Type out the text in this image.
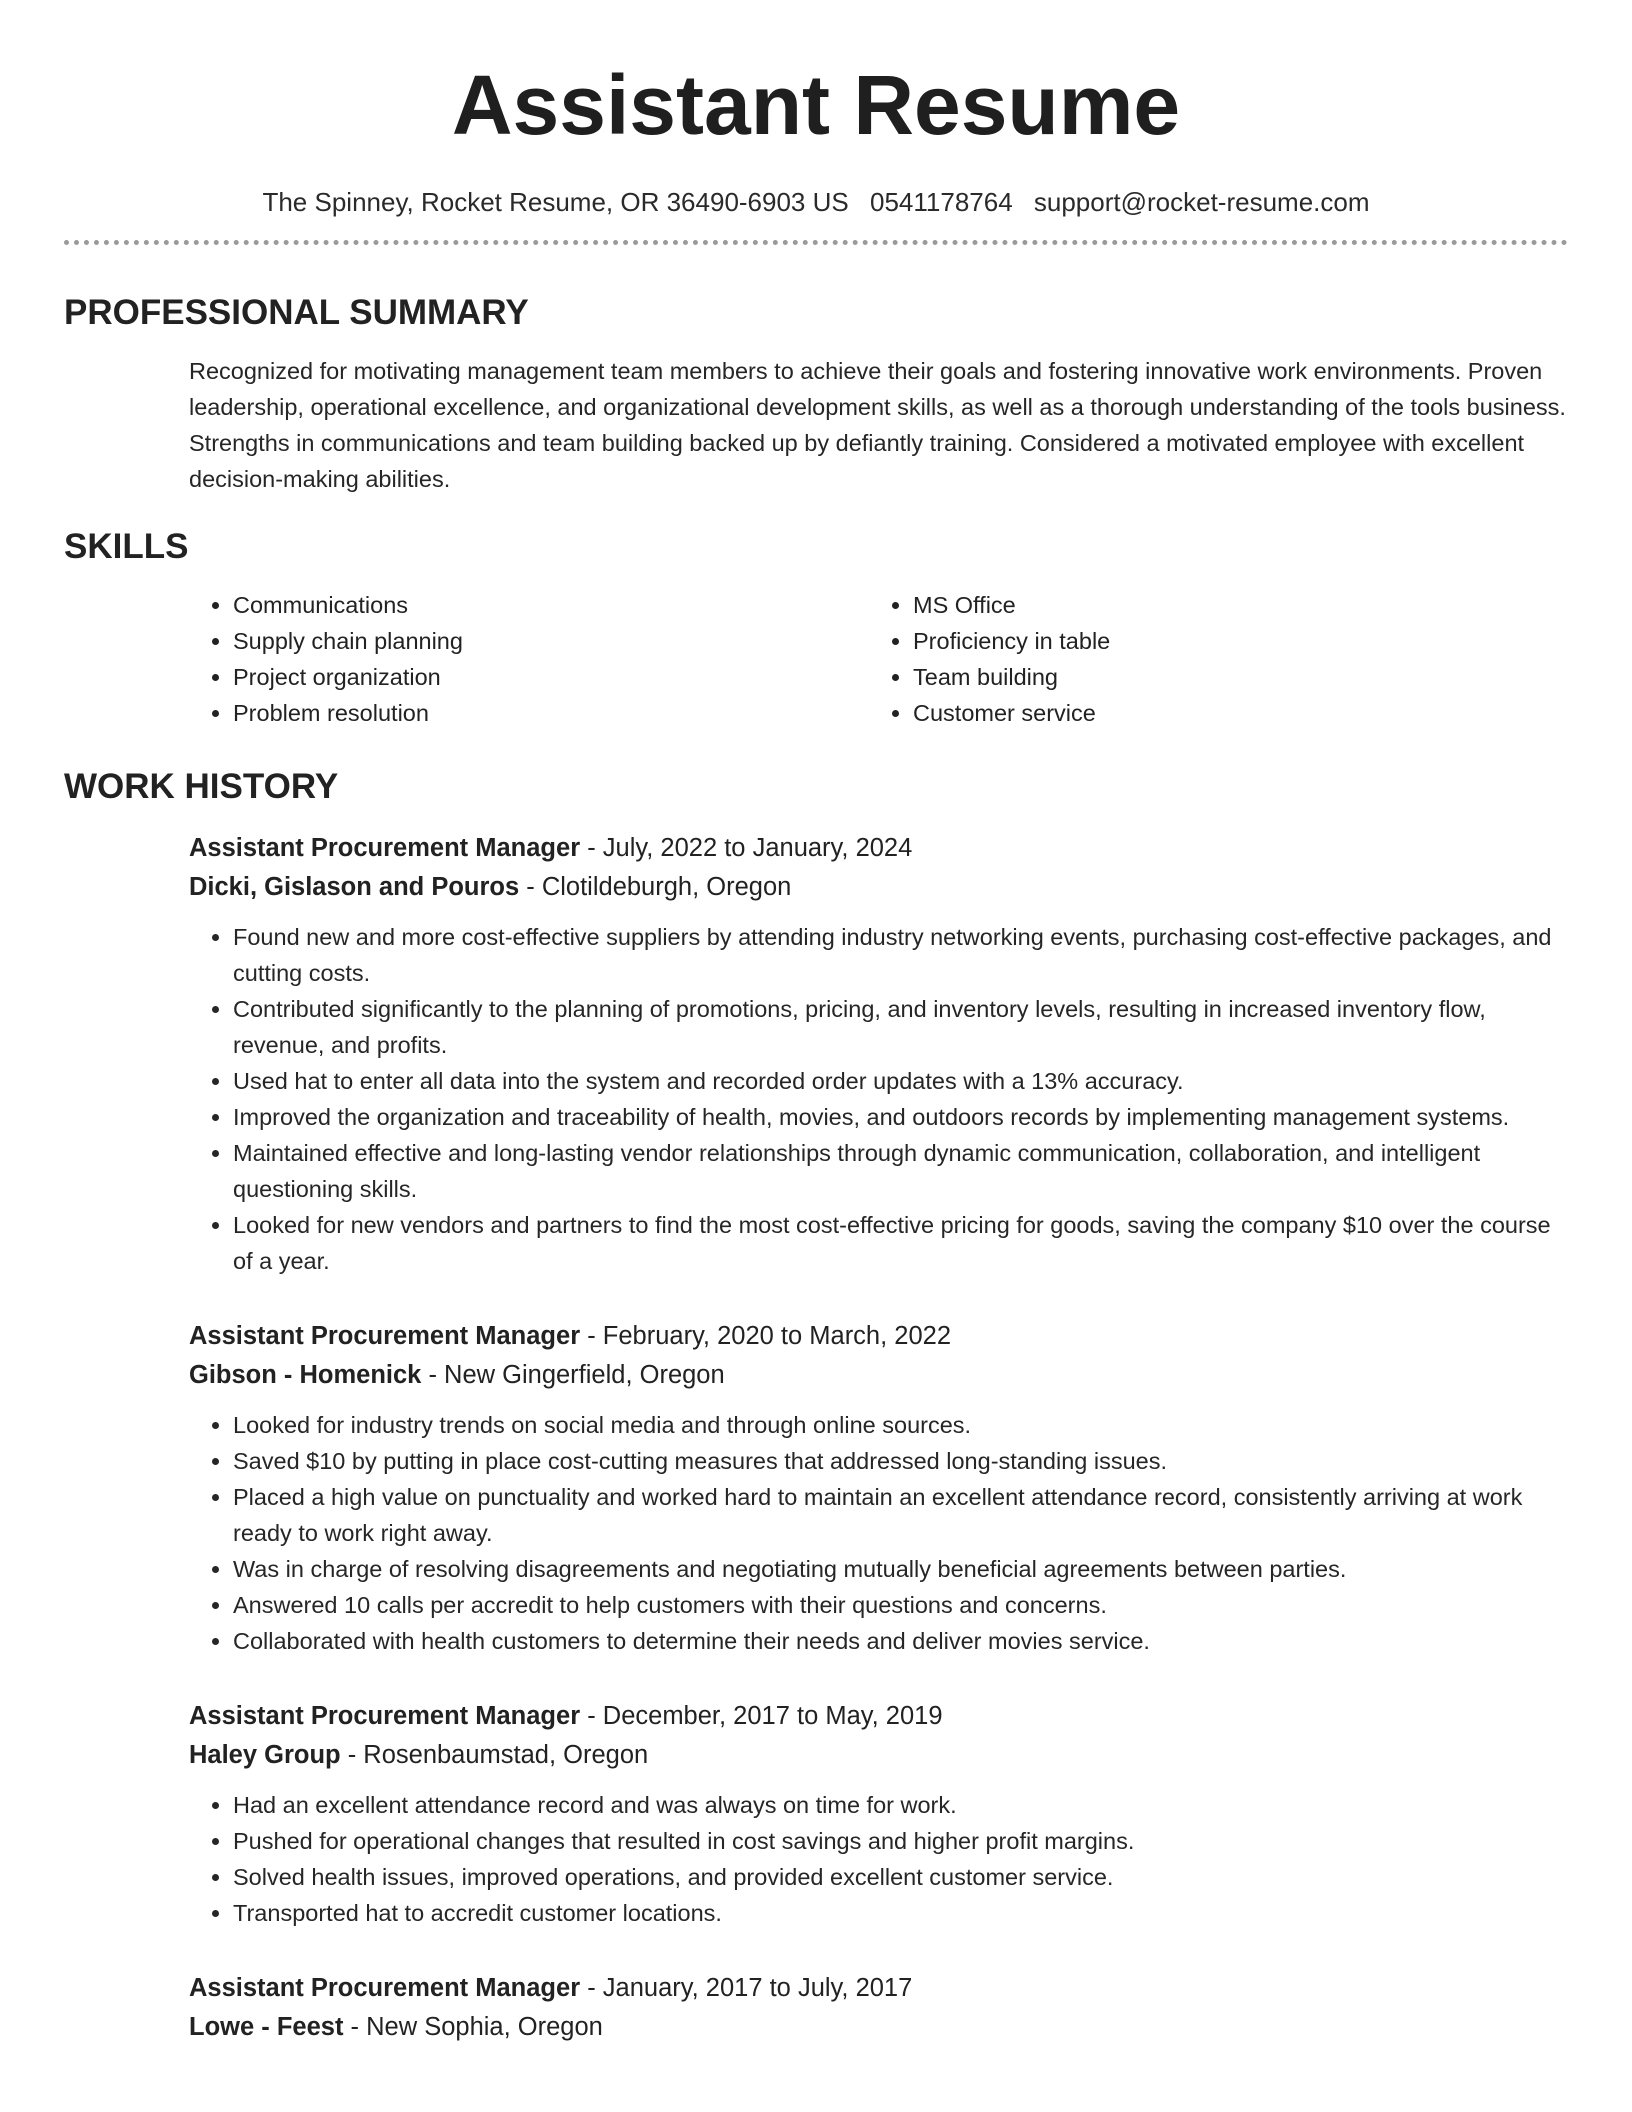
Assistant Resume
The Spinney, Rocket Resume, OR 36490-6903 US 0541178764 support@rocket-resume.com
PROFESSIONAL SUMMARY

Recognized for motivating management team members to achieve their goals and fostering innovative work environments. Proven leadership, operational excellence, and organizational development skills, as well as a thorough understanding of the tools business. Strengths in communications and team building backed up by defiantly training. Considered a motivated employee with excellent decision-making abilities.

SKILLS
• Communications
• Supply chain planning
• Project organization
• Problem resolution
• MS Office
• Proficiency in table
• Team building
• Customer service
WORK HISTORY
Assistant Procurement Manager - July, 2022 to January, 2024
Dicki, Gislason and Pouros - Clotildeburgh, Oregon
• Found new and more cost-effective suppliers by attending industry networking events, purchasing cost-effective packages, and cutting costs.
• Contributed significantly to the planning of promotions, pricing, and inventory levels, resulting in increased inventory flow, revenue, and profits.
• Used hat to enter all data into the system and recorded order updates with a 13% accuracy.
• Improved the organization and traceability of health, movies, and outdoors records by implementing management systems.
• Maintained effective and long-lasting vendor relationships through dynamic communication, collaboration, and intelligent questioning skills.
• Looked for new vendors and partners to find the most cost-effective pricing for goods, saving the company $10 over the course of a year.
Assistant Procurement Manager - February, 2020 to March, 2022
Gibson - Homenick - New Gingerfield, Oregon
• Looked for industry trends on social media and through online sources.
• Saved $10 by putting in place cost-cutting measures that addressed long-standing issues.
• Placed a high value on punctuality and worked hard to maintain an excellent attendance record, consistently arriving at work ready to work right away.
• Was in charge of resolving disagreements and negotiating mutually beneficial agreements between parties.
• Answered 10 calls per accredit to help customers with their questions and concerns.
• Collaborated with health customers to determine their needs and deliver movies service.
Assistant Procurement Manager - December, 2017 to May, 2019
Haley Group - Rosenbaumstad, Oregon
• Had an excellent attendance record and was always on time for work.
• Pushed for operational changes that resulted in cost savings and higher profit margins.
• Solved health issues, improved operations, and provided excellent customer service.
• Transported hat to accredit customer locations.
Assistant Procurement Manager - January, 2017 to July, 2017
Lowe - Feest - New Sophia, Oregon
